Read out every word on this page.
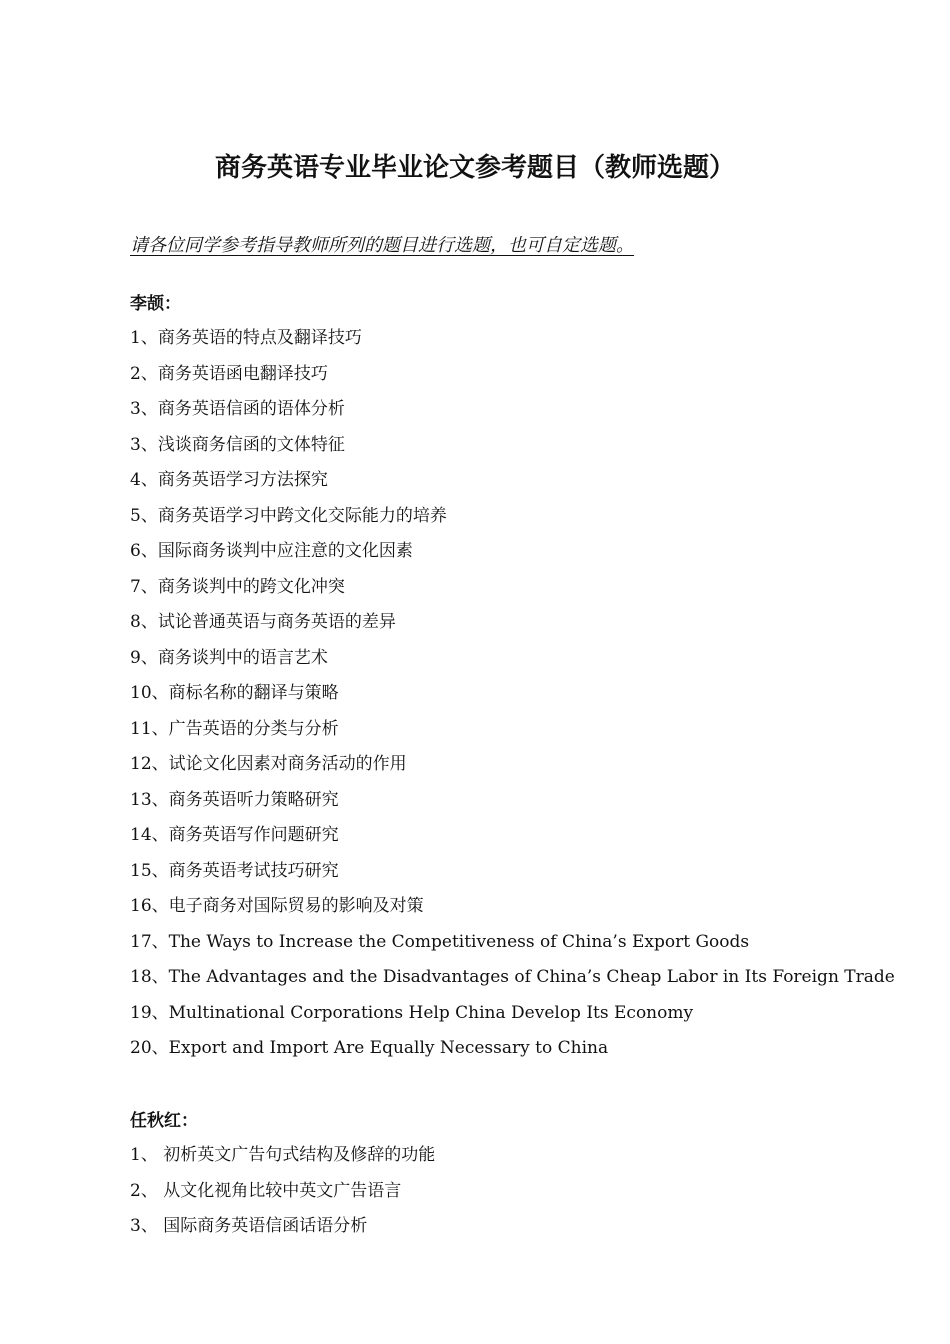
商务英语专业毕业论文参考题目（教师选题）

请各位同学参考指导教师所列的题目进行选题，也可自定选题。

李颉：

1、商务英语的特点及翻译技巧
2、商务英语函电翻译技巧
3、商务英语信函的语体分析
3、浅谈商务信函的文体特征
4、商务英语学习方法探究
5、商务英语学习中跨文化交际能力的培养
6、国际商务谈判中应注意的文化因素
7、商务谈判中的跨文化冲突
8、试论普通英语与商务英语的差异
9、商务谈判中的语言艺术
10、商标名称的翻译与策略
11、广告英语的分类与分析
12、试论文化因素对商务活动的作用
13、商务英语听力策略研究
14、商务英语写作问题研究
15、商务英语考试技巧研究
16、电子商务对国际贸易的影响及对策
17、The Ways to Increase the Competitiveness of China’s Export Goods
18、The Advantages and the Disadvantages of China’s Cheap Labor in Its Foreign Trade
19、Multinational Corporations Help China Develop Its Economy
20、Export and Import Are Equally Necessary to China

任秋红：

1、 初析英文广告句式结构及修辞的功能
2、 从文化视角比较中英文广告语言
3、 国际商务英语信函话语分析
